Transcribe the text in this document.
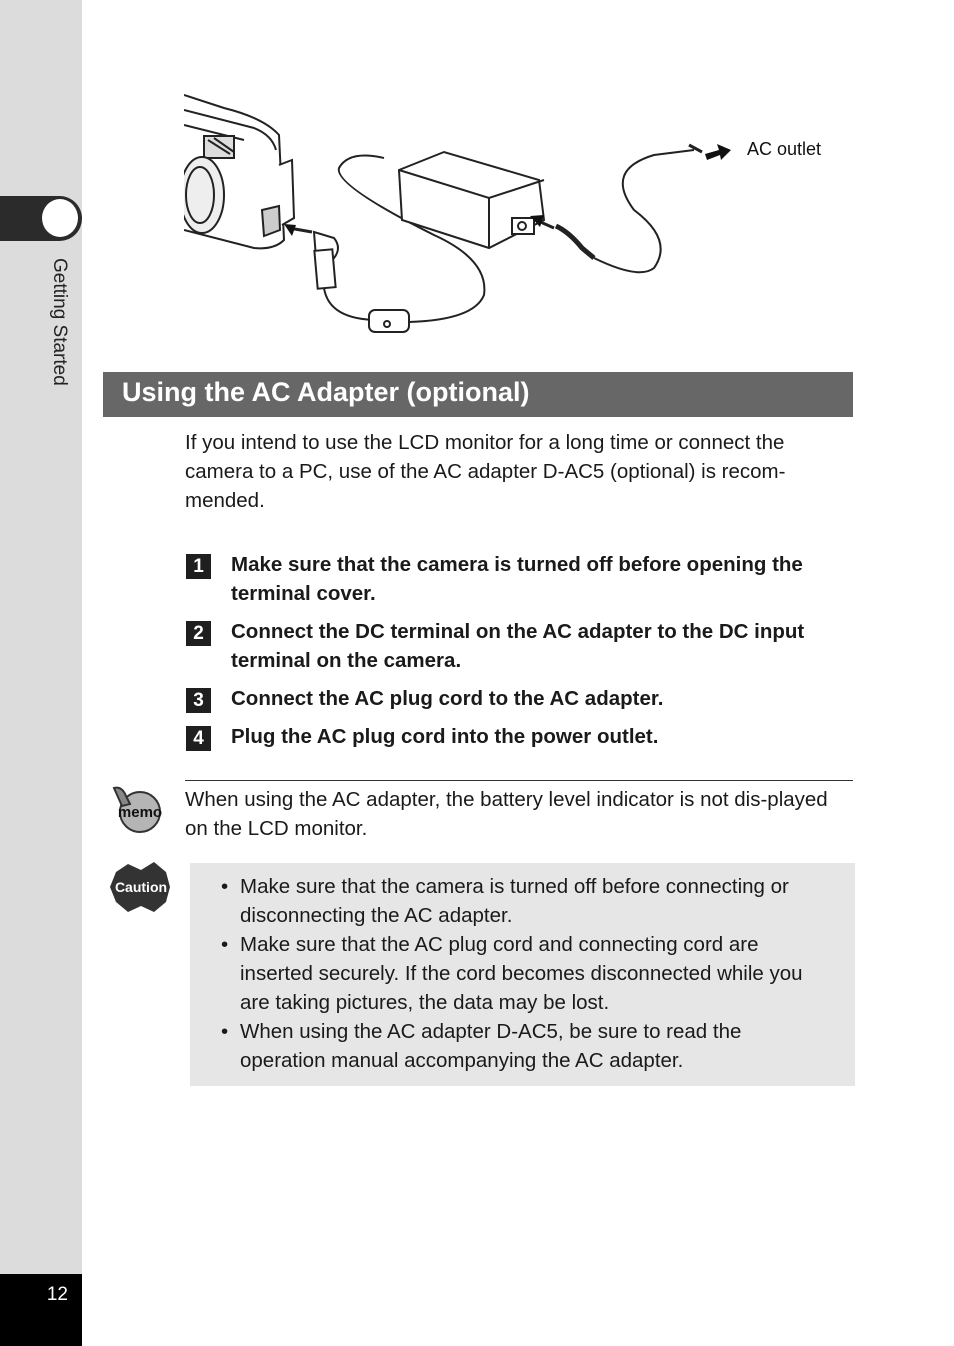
Getting Started
12
AC outlet
Using the AC Adapter (optional)

If you intend to use the LCD monitor for a long time or connect the camera to a PC, use of the AC adapter D-AC5 (optional) is recom-mended.

1	Make sure that the camera is turned off before opening the terminal cover.
2	Connect the DC terminal on the AC adapter to the DC input terminal on the camera.
3	Connect the AC plug cord to the AC adapter.
4	Plug the AC plug cord into the power outlet.
memo
When using the AC adapter, the battery level indicator is not dis-played on the LCD monitor.
Caution	• Make sure that the camera is turned off before connecting or disconnecting the AC adapter.
• Make sure that the AC plug cord and connecting cord are inserted securely. If the cord becomes disconnected while you are taking pictures, the data may be lost.
• When using the AC adapter D-AC5, be sure to read the operation manual accompanying the AC adapter.
